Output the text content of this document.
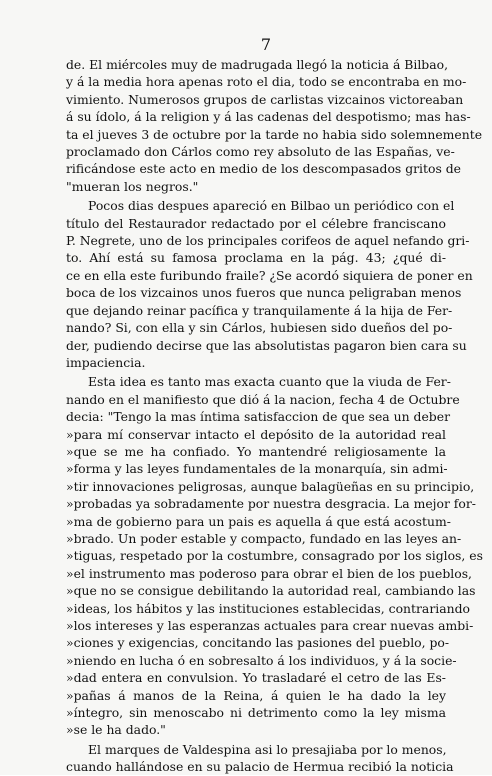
7
de. El miércoles muy de madrugada llegó la noticia á Bilbao,
y á la media hora apenas roto el dia, todo se encontraba en mo-
vimiento. Numerosos grupos de carlistas vizcainos victoreaban
á su ídolo, á la religion y á las cadenas del despotismo; mas has-
ta el jueves 3 de octubre por la tarde no habia sido solemnemente
proclamado don Cárlos como rey absoluto de las Españas, ve-
rificándose este acto en medio de los descompasados gritos de
"mueran los negros."
Pocos dias despues apareció en Bilbao un periódico con el
título del Restaurador redactado por el célebre franciscano
P. Negrete, uno de los principales corifeos de aquel nefando gri-
to. Ahí está su famosa proclama en la pág. 43; ¿qué di-
ce en ella este furibundo fraile? ¿Se acordó siquiera de poner en
boca de los vizcainos unos fueros que nunca peligraban menos
que dejando reinar pacífica y tranquilamente á la hija de Fer-
nando? Si, con ella y sin Cárlos, hubiesen sido dueños del po-
der, pudiendo decirse que las absolutistas pagaron bien cara su
impaciencia.
Esta idea es tanto mas exacta cuanto que la viuda de Fer-
nando en el manifiesto que dió á la nacion, fecha 4 de Octubre
decia: "Tengo la mas íntima satisfaccion de que sea un deber
»para mí conservar intacto el depósito de la autoridad real
»que se me ha confiado. Yo mantendré religiosamente la
»forma y las leyes fundamentales de la monarquía, sin admi-
»tir innovaciones peligrosas, aunque balagüeñas en su principio,
»probadas ya sobradamente por nuestra desgracia. La mejor for-
»ma de gobierno para un pais es aquella á que está acostum-
»brado. Un poder estable y compacto, fundado en las leyes an-
»tiguas, respetado por la costumbre, consagrado por los siglos, es
»el instrumento mas poderoso para obrar el bien de los pueblos,
»que no se consigue debilitando la autoridad real, cambiando las
»ideas, los hábitos y las instituciones establecidas, contrariando
»los intereses y las esperanzas actuales para crear nuevas ambi-
»ciones y exigencias, concitando las pasiones del pueblo, po-
»niendo en lucha ó en sobresalto á los individuos, y á la socie-
»dad entera en convulsion. Yo trasladaré el cetro de las Es-
»pañas á manos de la Reina, á quien le ha dado la ley
»íntegro, sin menoscabo ni detrimento como la ley misma
»se le ha dado."
El marques de Valdespina asi lo presajiaba por lo menos,
cuando hallándose en su palacio de Hermua recibió la noticia
